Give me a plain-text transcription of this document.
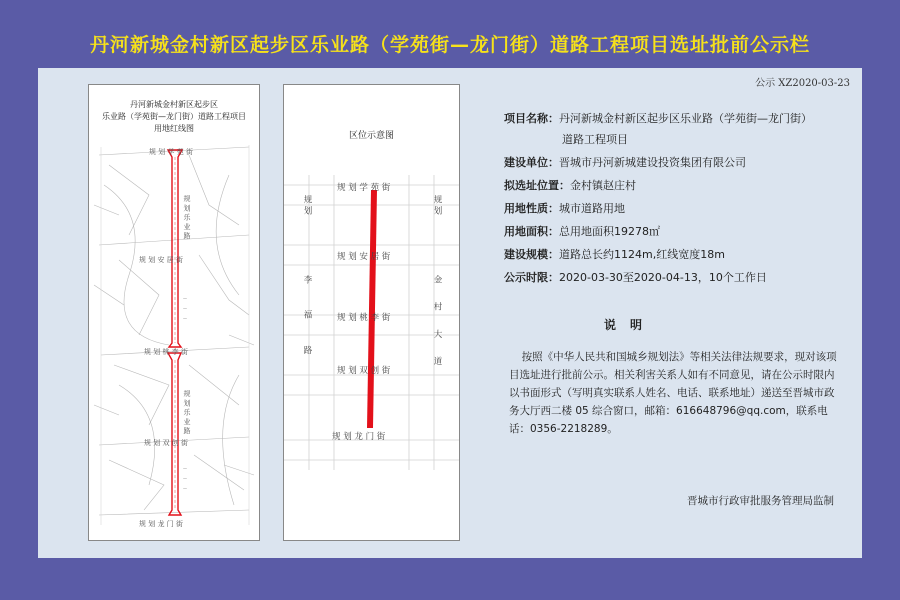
丹河新城金村新区起步区乐业路（学苑街—龙门街）道路工程项目选址批前公示栏
公示 XZ2020-03-23
丹河新城金村新区起步区
乐业路（学苑街—龙门街）道路工程项目
用地红线图
—
—
—
—
—
—
规 划 学 苑 街
规 划 安 居 街
规 划 桃 李 街
规 划 双 创 街
规 划 龙 门 街
规 划 乐 业 路
规 划 乐 业 路
区位示意图
规 划 学 苑 街
规 划 安 居 街
规 划 桃 李 街
规 划 双 创 街
规 划 龙 门 街
规 划
李 福 路
规 划
金 村 大 道
项目名称：丹河新城金村新区起步区乐业路（学苑街—龙门街）
道路工程项目
建设单位：晋城市丹河新城建设投资集团有限公司
拟选址位置：金村镇赵庄村
用地性质：城市道路用地
用地面积：总用地面积19278㎡
建设规模：道路总长约1124m,红线宽度18m
公示时限：2020-03-30至2020-04-13，10个工作日
说明
按照《中华人民共和国城乡规划法》等相关法律法规要求，现对该项目选址进行批前公示。相关利害关系人如有不同意见，请在公示时限内以书面形式（写明真实联系人姓名、电话、联系地址）递送至晋城市政务大厅西二楼 05 综合窗口，邮箱：616648796@qq.com，联系电话：0356-2218289。
晋城市行政审批服务管理局监制
